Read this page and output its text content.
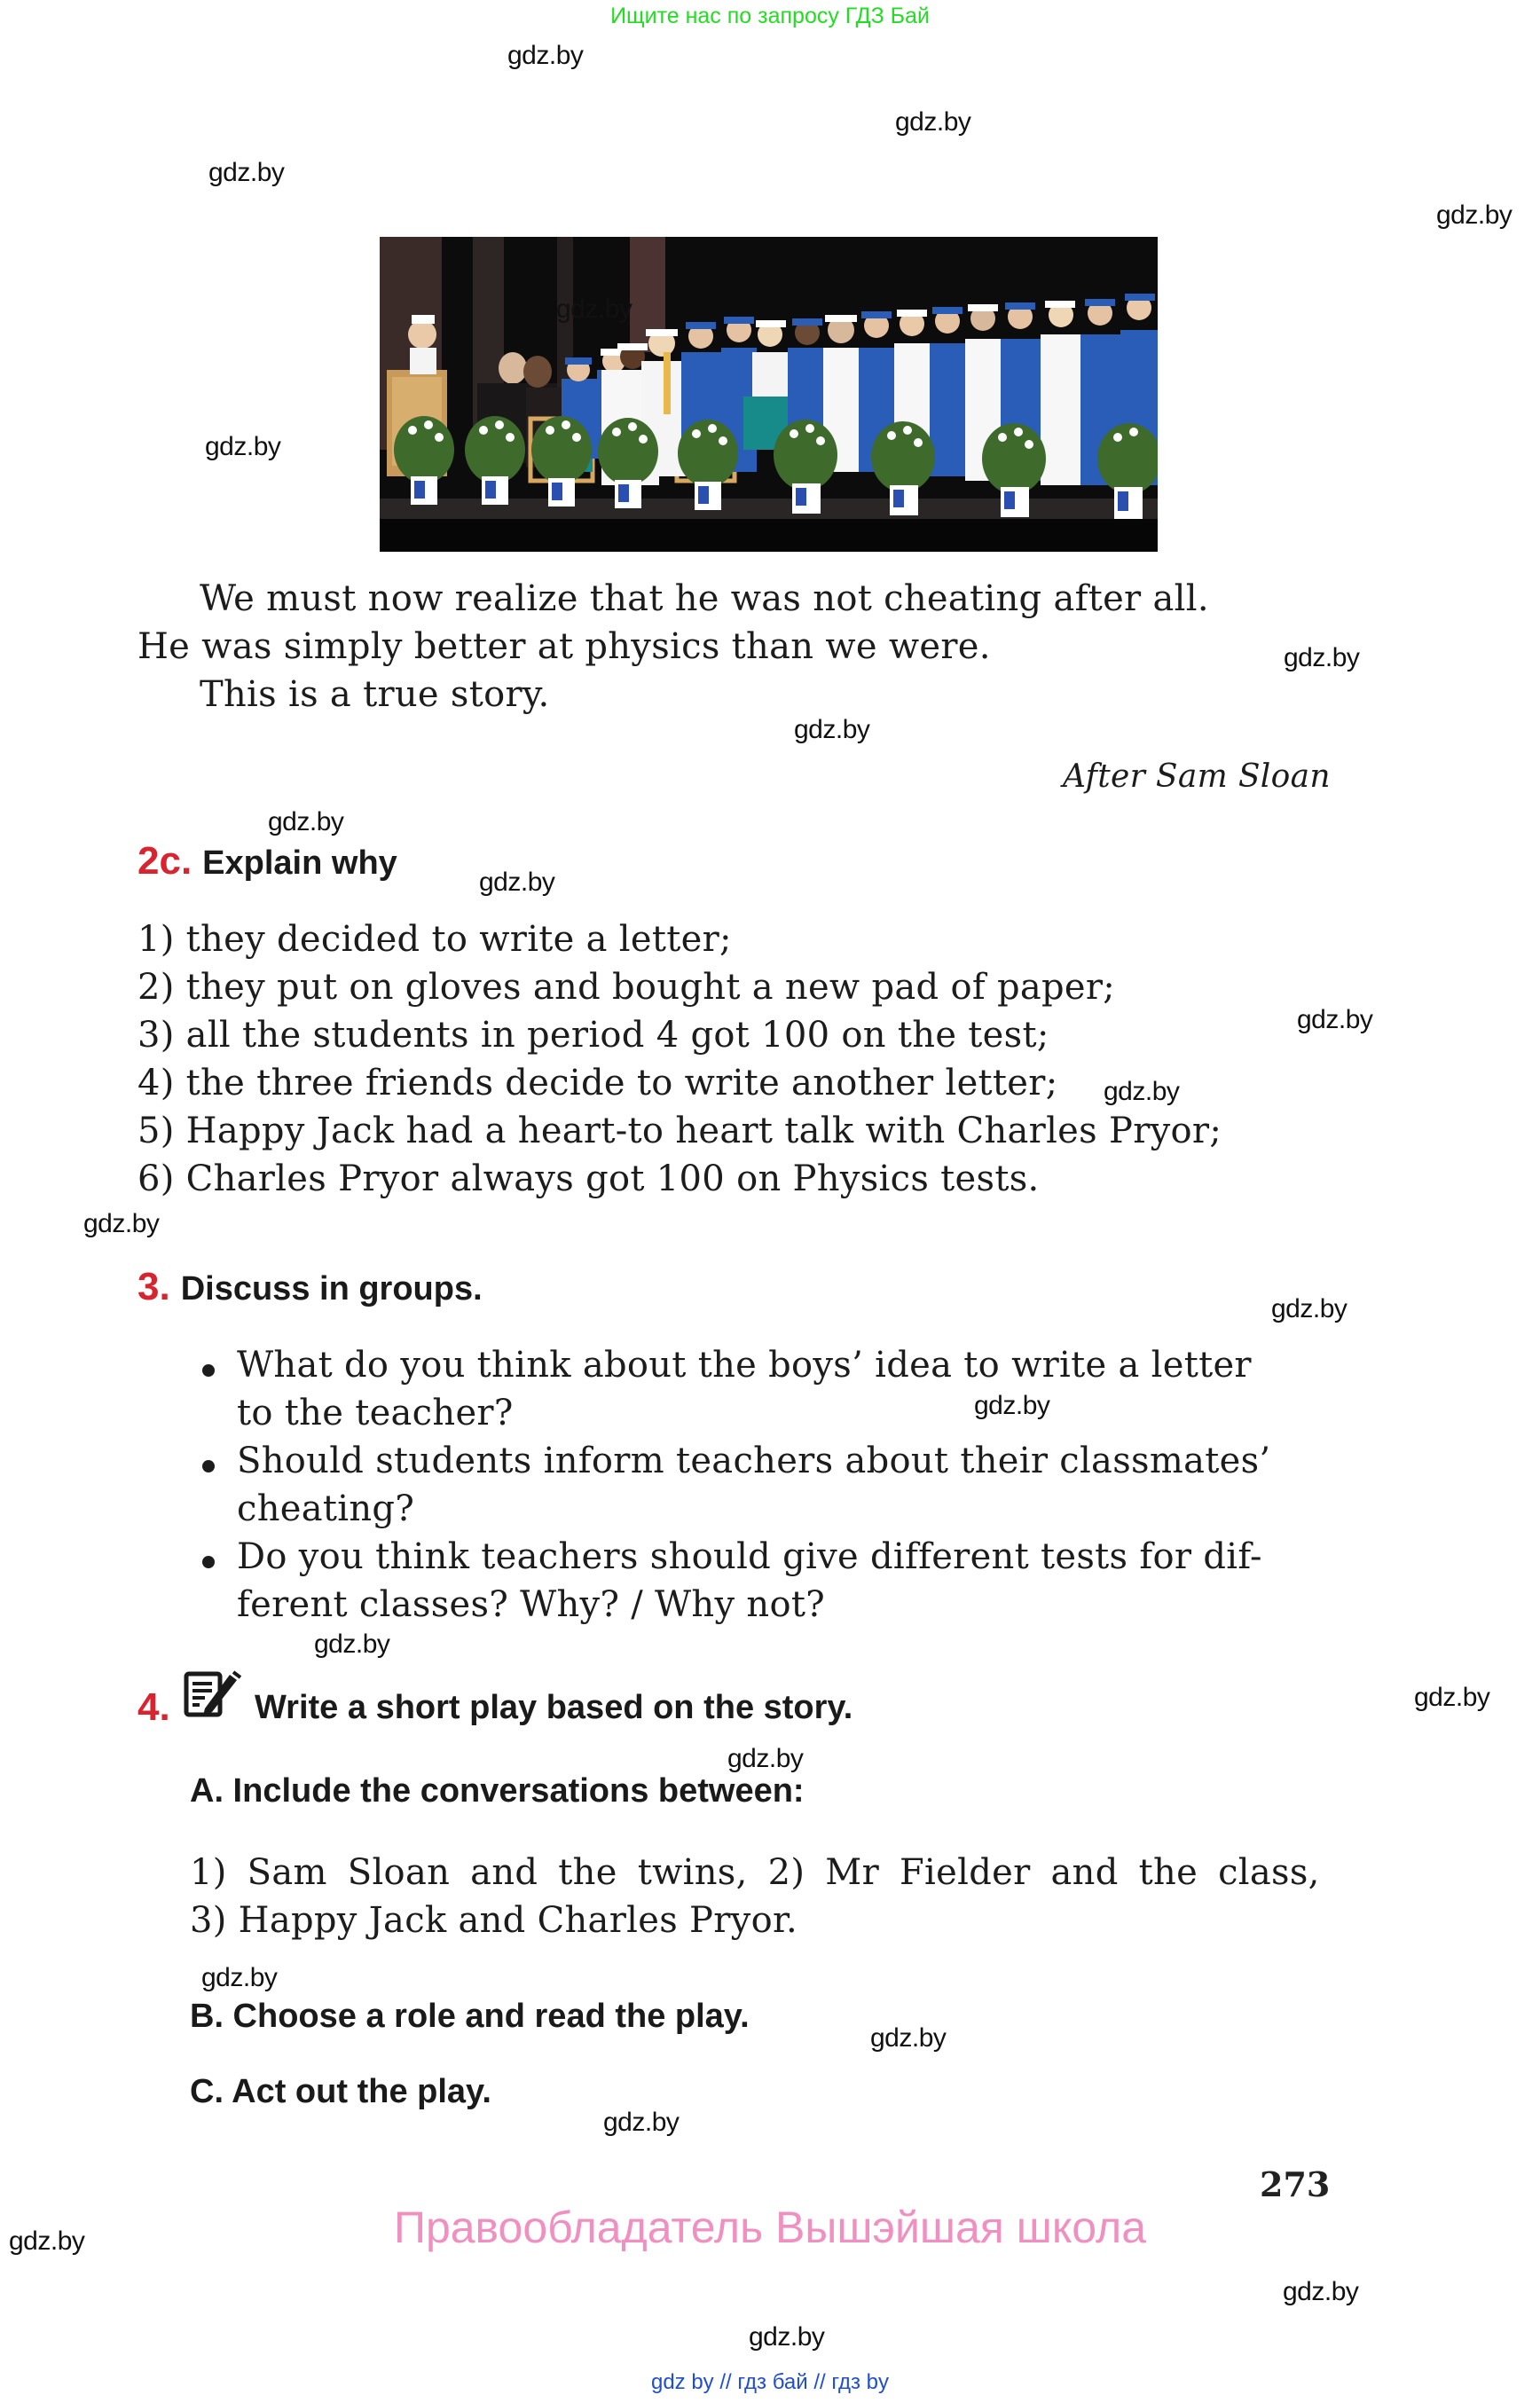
Ищите нас по запросу ГДЗ Бай
gdz.by
gdz.by
gdz.by
gdz.by
gdz.by
gdz.by
gdz.by
gdz.by
gdz.by
gdz.by
gdz.by
gdz.by
gdz.by
gdz.by
gdz.by
gdz.by
gdz.by
gdz.by
gdz.by
gdz.by
gdz.by
gdz.by
gdz.by
gdz.by
We must now realize that he was not cheating after all.
He was simply better at physics than we were.
This is a true story.
After Sam Sloan
2c. Explain why
1) they decided to write a letter;
2) they put on gloves and bought a new pad of paper;
3) all the students in period 4 got 100 on the test;
4) the three friends decide to write another letter;
5) Happy Jack had a heart-to heart talk with Charles Pryor;
6) Charles Pryor always got 100 on Physics tests.
3. Discuss in groups.
What do you think about the boys’ idea to write a letter
to the teacher?
Should students inform teachers about their classmates’
cheating?
Do you think teachers should give different tests for dif-
ferent classes? Why? / Why not?
4.	Write a short play based on the story.
A. Include the conversations between:
1) Sam Sloan and the twins, 2) Mr Fielder and the class,
3) Happy Jack and Charles Pryor.
B. Choose a role and read the play.
C. Act out the play.
273
Правообладатель Вышэйшая школа
gdz by // гдз бай // гдз by
